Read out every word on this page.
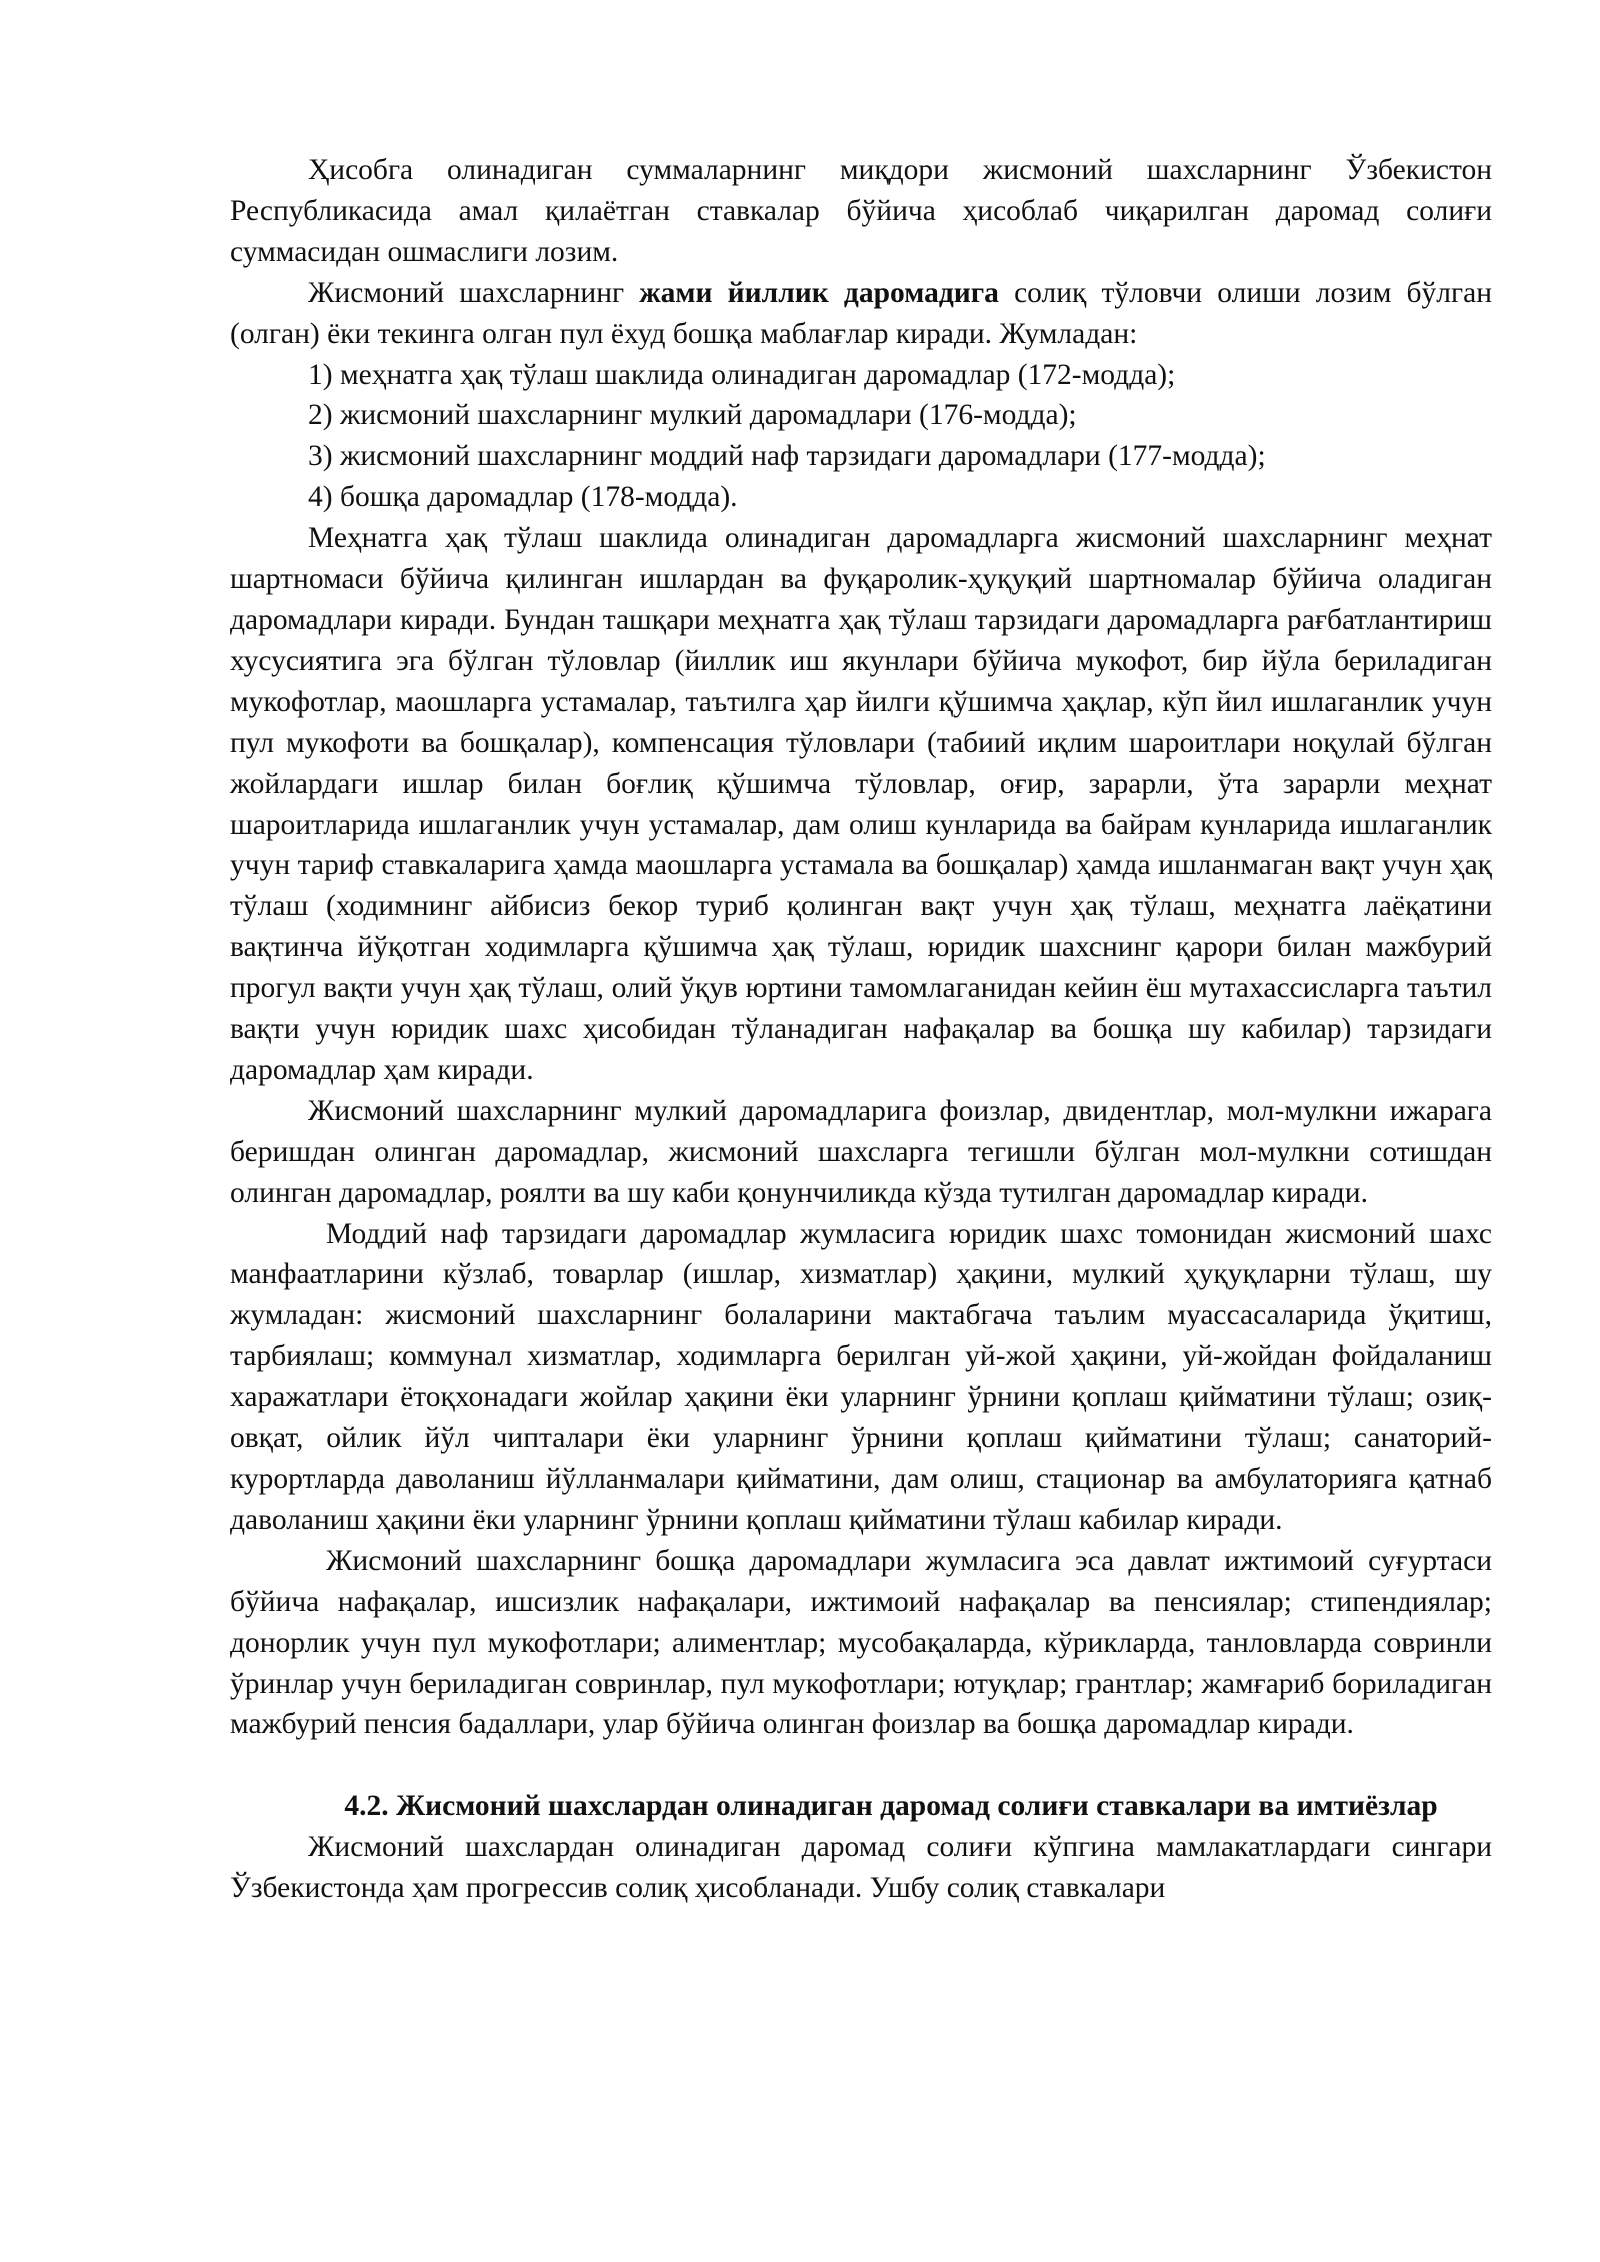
Ҳисобга олинадиган суммаларнинг миқдори жисмоний шахсларнинг Ўзбекистон Республикасида амал қилаётган ставкалар бўйича ҳисоблаб чиқарилган даромад солиғи суммасидан ошмаслиги лозим.

Жисмоний шахсларнинг жами йиллик даромадига солиқ тўловчи олиши лозим бўлган (олган) ёки текинга олган пул ёхуд бошқа маблағлар киради. Жумладан:

1) меҳнатга ҳақ тўлаш шаклида олинадиган даромадлар (172-модда);

2) жисмоний шахсларнинг мулкий даромадлари (176-модда);

3) жисмоний шахсларнинг моддий наф тарзидаги даромадлари (177-модда);

4) бошқа даромадлар (178-модда).

Меҳнатга ҳақ тўлаш шаклида олинадиган даромадларга жисмоний шахсларнинг меҳнат шартномаси бўйича қилинган ишлардан ва фуқаролик-ҳуқуқий шартномалар бўйича оладиган даромадлари киради. Бундан ташқари меҳнатга ҳақ тўлаш тарзидаги даромадларга рағбатлантириш хусусиятига эга бўлган тўловлар (йиллик иш якунлари бўйича мукофот, бир йўла бериладиган мукофотлар, маошларга устамалар, таътилга ҳар йилги қўшимча ҳақлар, кўп йил ишлаганлик учун пул мукофоти ва бошқалар), компенсация тўловлари (табиий иқлим шароитлари ноқулай бўлган жойлардаги ишлар билан боғлиқ қўшимча тўловлар, оғир, зарарли, ўта зарарли меҳнат шароитларида ишлаганлик учун устамалар, дам олиш кунларида ва байрам кунларида ишлаганлик учун тариф ставкаларига ҳамда маошларга устамала ва бошқалар) ҳамда ишланмаган вақт учун ҳақ тўлаш (ходимнинг айбисиз бекор туриб қолинган вақт учун ҳақ тўлаш, меҳнатга лаёқатини вақтинча йўқотган ходимларга қўшимча ҳақ тўлаш, юридик шахснинг қарори билан мажбурий прогул вақти учун ҳақ тўлаш, олий ўқув юртини тамомлаганидан кейин ёш мутахассисларга таътил вақти учун юридик шахс ҳисобидан тўланадиган нафақалар ва бошқа шу кабилар) тарзидаги даромадлар ҳам киради.

Жисмоний шахсларнинг мулкий даромадларига фоизлар, двидентлар, мол-мулкни ижарага беришдан олинган даромадлар, жисмоний шахсларга тегишли бўлган мол-мулкни сотишдан олинган даромадлар, роялти ва шу каби қонунчиликда кўзда тутилган даромадлар киради.

Моддий наф тарзидаги даромадлар жумласига юридик шахс томонидан жисмоний шахс манфаатларини кўзлаб, товарлар (ишлар, хизматлар) ҳақини, мулкий ҳуқуқларни тўлаш, шу жумладан: жисмоний шахсларнинг болаларини мактабгача таълим муассасаларида ўқитиш, тарбиялаш; коммунал хизматлар, ходимларга берилган уй-жой ҳақини, уй-жойдан фойдаланиш харажатлари ётоқхонадаги жойлар ҳақини ёки уларнинг ўрнини қоплаш қийматини тўлаш; озиқ-овқат, ойлик йўл чипталари ёки уларнинг ўрнини қоплаш қийматини тўлаш; санаторий-курортларда даволаниш йўлланмалари қийматини, дам олиш, стационар ва амбулаторияга қатнаб даволаниш ҳақини ёки уларнинг ўрнини қоплаш қийматини тўлаш кабилар киради.

Жисмоний шахсларнинг бошқа даромадлари жумласига эса давлат ижтимоий суғуртаси бўйича нафақалар, ишсизлик нафақалари, ижтимоий нафақалар ва пенсиялар; стипендиялар; донорлик учун пул мукофотлари; алиментлар; мусобақаларда, кўрикларда, танловларда совринли ўринлар учун бериладиган совринлар, пул мукофотлари; ютуқлар; грантлар; жамғариб бориладиган мажбурий пенсия бадаллари, улар бўйича олинган фоизлар ва бошқа даромадлар киради.

4.2. Жисмоний шахслардан олинадиган даромад солиғи ставкалари ва имтиёзлар

Жисмоний шахслардан олинадиган даромад солиғи кўпгина мамлакатлардаги сингари Ўзбекистонда ҳам прогрессив солиқ ҳисобланади. Ушбу солиқ ставкалари
